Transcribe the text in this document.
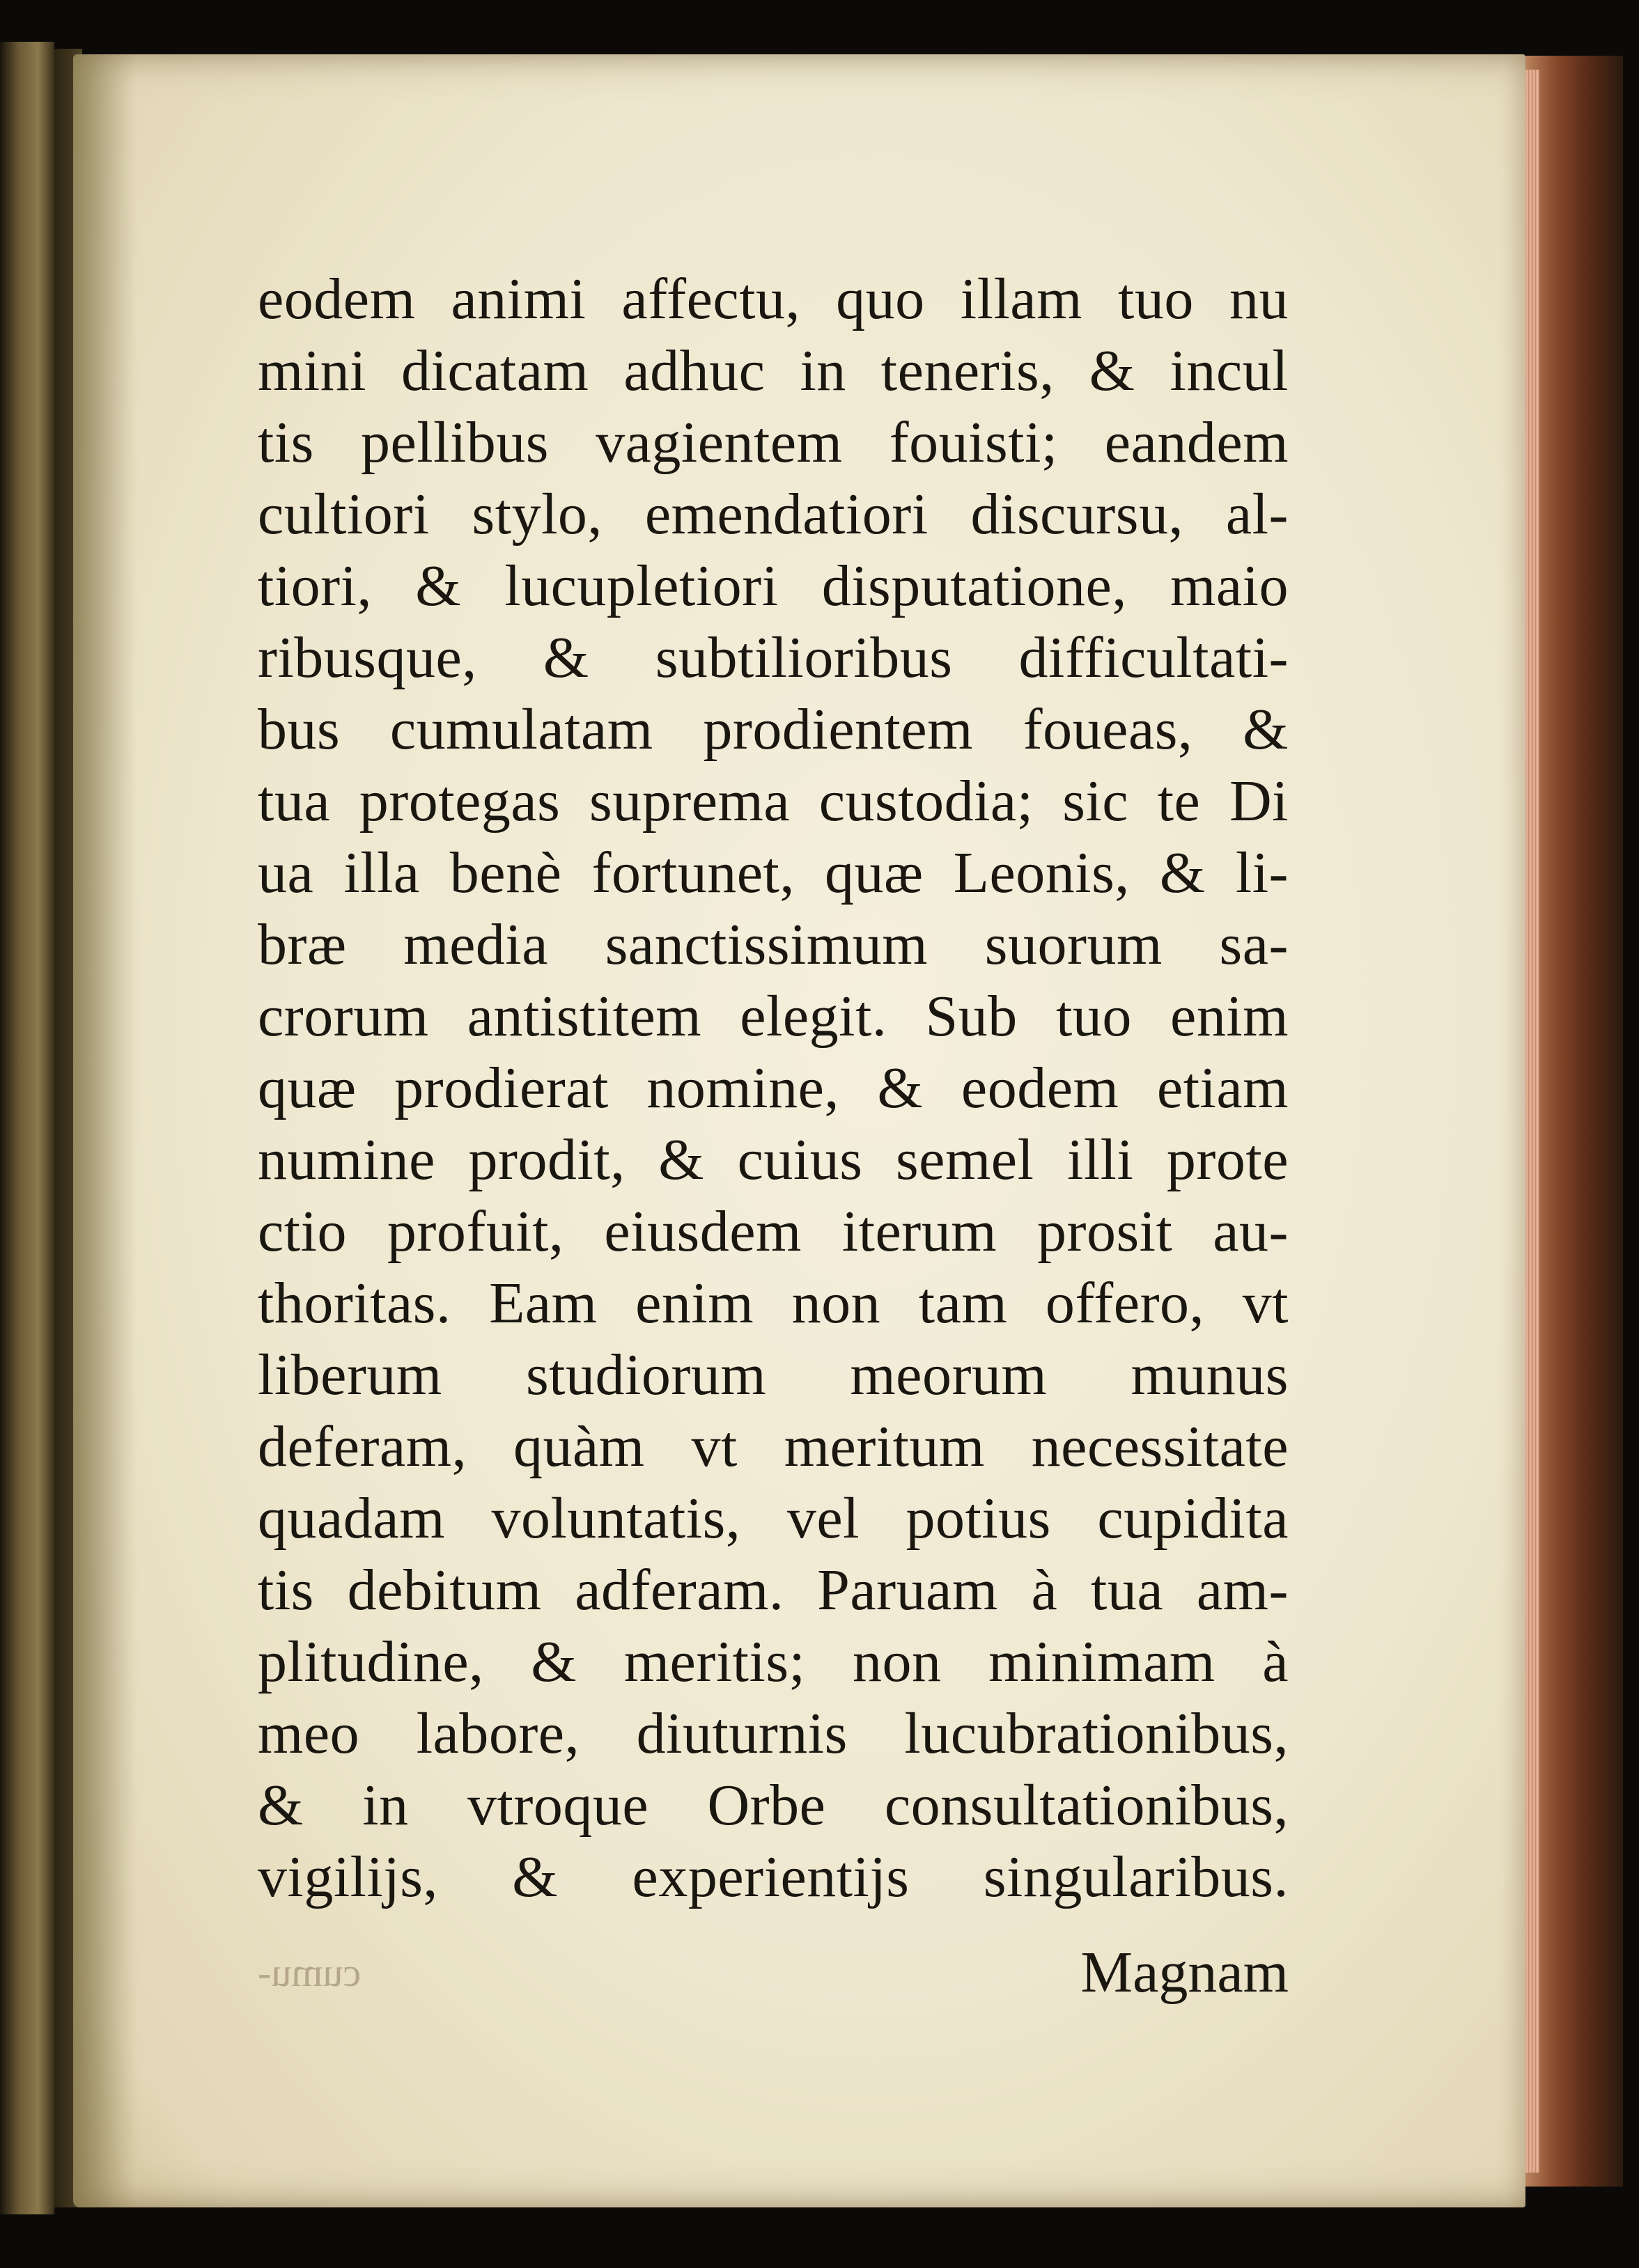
eodem animi affectu, quo illam tuo nu
mini dicatam adhuc in teneris, & incul
tis pellibus vagientem fouisti; eandem
cultiori stylo, emendatiori discursu, al-
tiori, & lucupletiori disputatione, maio
ribusque, & subtilioribus difficultati-
bus cumulatam prodientem foueas, &
tua protegas suprema custodia; sic te Di
ua illa benè fortunet, quæ Leonis, & li-
bræ media sanctissimum suorum sa-
crorum antistitem elegit. Sub tuo enim
quæ prodierat nomine, & eodem etiam
numine prodit, & cuius semel illi prote
ctio profuit, eiusdem iterum prosit au-
thoritas. Eam enim non tam offero, vt
liberum studiorum meorum munus
deferam, quàm vt meritum necessitate
quadam voluntatis, vel potius cupidita
tis debitum adferam. Paruam à tua am-
plitudine, & meritis; non minimam à
meo labore, diuturnis lucubrationibus,
& in vtroque Orbe consultationibus,
vigilijs, & experientijs singularibus.
cumu-	Magnam
